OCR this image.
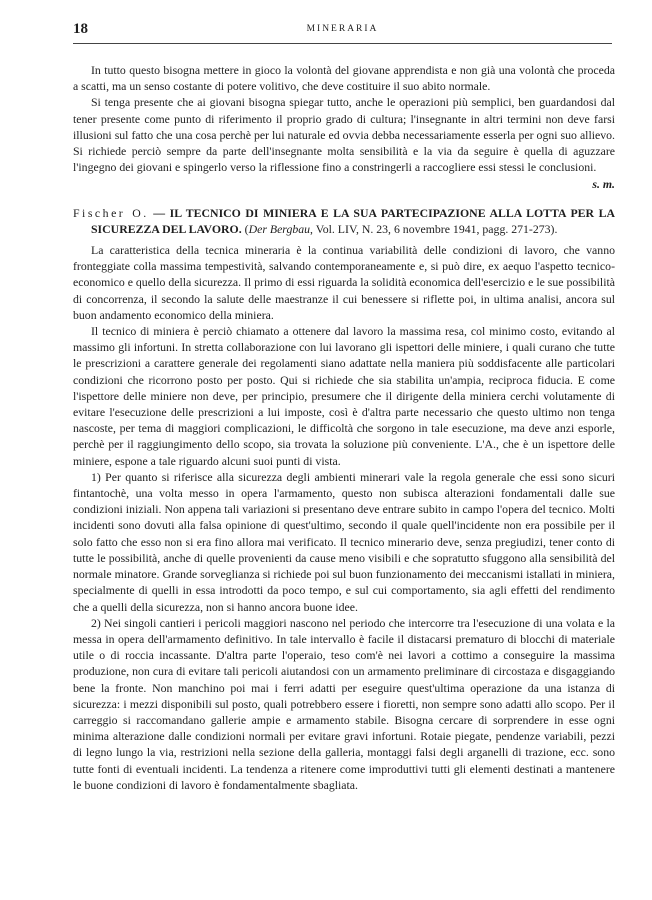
18	MINERARIA

In tutto questo bisogna mettere in gioco la volontà del giovane apprendista e non già una volontà che proceda a scatti, ma un senso costante di potere volitivo, che deve costituire il suo abito normale.

Si tenga presente che ai giovani bisogna spiegar tutto, anche le operazioni più semplici, ben guardandosi dal tener presente come punto di riferimento il proprio grado di cultura; l'insegnante in altri termini non deve farsi illusioni sul fatto che una cosa perchè per lui naturale ed ovvia debba necessariamente esserla per ogni suo allievo. Si richiede perciò sempre da parte dell'insegnante molta sensibilità e la via da seguire è quella di aguzzare l'ingegno dei giovani e spingerlo verso la riflessione fino a constringerli a raccogliere essi stessi le conclusioni.

s. m.
Fischer O. — IL TECNICO DI MINIERA E LA SUA PARTECIPAZIONE ALLA LOTTA PER LA SICUREZZA DEL LAVORO. (Der Bergbau, Vol. LIV, N. 23, 6 novembre 1941, pagg. 271-273).

La caratteristica della tecnica mineraria è la continua variabilità delle condizioni di lavoro, che vanno fronteggiate colla massima tempestività, salvando contemporaneamente e, si può dire, ex aequo l'aspetto tecnico-economico e quello della sicurezza. Il primo di essi riguarda la solidità economica dell'esercizio e le sue possibilità di concorrenza, il secondo la salute delle maestranze il cui benessere si riflette poi, in ultima analisi, ancora sul buon andamento economico della miniera.

Il tecnico di miniera è perciò chiamato a ottenere dal lavoro la massima resa, col minimo costo, evitando al massimo gli infortuni. In stretta collaborazione con lui lavorano gli ispettori delle miniere, i quali curano che tutte le prescrizioni a carattere generale dei regolamenti siano adattate nella maniera più soddisfacente alle particolari condizioni che ricorrono posto per posto. Qui si richiede che sia stabilita un'ampia, reciproca fiducia. E come l'ispettore delle miniere non deve, per principio, presumere che il dirigente della miniera cerchi volutamente di evitare l'esecuzione delle prescrizioni a lui imposte, così è d'altra parte necessario che questo ultimo non tenga nascoste, per tema di maggiori complicazioni, le difficoltà che sorgono in tale esecuzione, ma deve anzi esporle, perchè per il raggiungimento dello scopo, sia trovata la soluzione più conveniente. L'A., che è un ispettore delle miniere, espone a tale riguardo alcuni suoi punti di vista.

1) Per quanto si riferisce alla sicurezza degli ambienti minerari vale la regola generale che essi sono sicuri fintantochè, una volta messo in opera l'armamento, questo non subisca alterazioni fondamentali dalle sue condizioni iniziali. Non appena tali variazioni si presentano deve entrare subito in campo l'opera del tecnico. Molti incidenti sono dovuti alla falsa opinione di quest'ultimo, secondo il quale quell'incidente non era possibile per il solo fatto che esso non si era fino allora mai verificato. Il tecnico minerario deve, senza pregiudizi, tener conto di tutte le possibilità, anche di quelle provenienti da cause meno visibili e che sopratutto sfuggono alla sensibilità del normale minatore. Grande sorveglianza si richiede poi sul buon funzionamento dei meccanismi istallati in miniera, specialmente di quelli in essa introdotti da poco tempo, e sul cui comportamento, sia agli effetti del rendimento che a quelli della sicurezza, non si hanno ancora buone idee.

2) Nei singoli cantieri i pericoli maggiori nascono nel periodo che intercorre tra l'esecuzione di una volata e la messa in opera dell'armamento definitivo. In tale intervallo è facile il distacarsi prematuro di blocchi di materiale utile o di roccia incassante. D'altra parte l'operaio, teso com'è nei lavori a cottimo a conseguire la massima produzione, non cura di evitare tali pericoli aiutandosi con un armamento preliminare di circostaza e disgaggiando bene la fronte. Non manchino poi mai i ferri adatti per eseguire quest'ultima operazione da una istanza di sicurezza: i mezzi disponibili sul posto, quali potrebbero essere i fioretti, non sempre sono adatti allo scopo. Per il carreggio si raccomandano gallerie ampie e armamento stabile. Bisogna cercare di sorprendere in esse ogni minima alterazione dalle condizioni normali per evitare gravi infortuni. Rotaie piegate, pendenze variabili, pezzi di legno lungo la via, restrizioni nella sezione della galleria, montaggi falsi degli arganelli di trazione, ecc. sono tutte fonti di eventuali incidenti. La tendenza a ritenere come improduttivi tutti gli elementi destinati a mantenere le buone condizioni di lavoro è fondamentalmente sbagliata.
